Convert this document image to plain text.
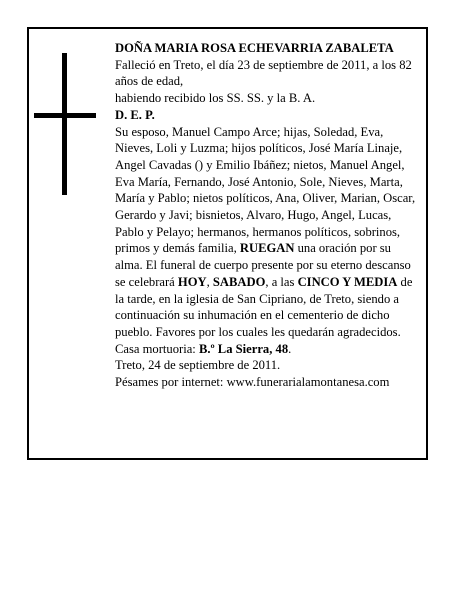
DOÑA MARIA ROSA ECHEVARRIA ZABALETA

Falleció en Treto, el día 23 de septiembre de 2011, a los 82 años de edad,

habiendo recibido los SS. SS. y la B. A.

D. E. P.

Su esposo, Manuel Campo Arce; hijas, Soledad, Eva, Nieves, Loli y Luzma; hijos políticos, José María Linaje, Angel Cavadas () y Emilio Ibáñez; nietos, Manuel Angel, Eva María, Fernando, José Antonio, Sole, Nieves, Marta, María y Pablo; nietos políticos, Ana, Oliver, Marian, Oscar, Gerardo y Javi; bisnietos, Alvaro, Hugo, Angel, Lucas, Pablo y Pelayo; hermanos, hermanos políticos, sobrinos, primos y demás familia, RUEGAN una oración por su alma. El funeral de cuerpo presente por su eterno descanso se celebrará HOY, SABADO, a las CINCO Y MEDIA de la tarde, en la iglesia de San Cipriano, de Treto, siendo a continuación su inhumación en el cementerio de dicho pueblo. Favores por los cuales les quedarán agradecidos. Casa mortuoria: B.º La Sierra, 48.

Treto, 24 de septiembre de 2011.

Pésames por internet: www.funerarialamontanesa.com
